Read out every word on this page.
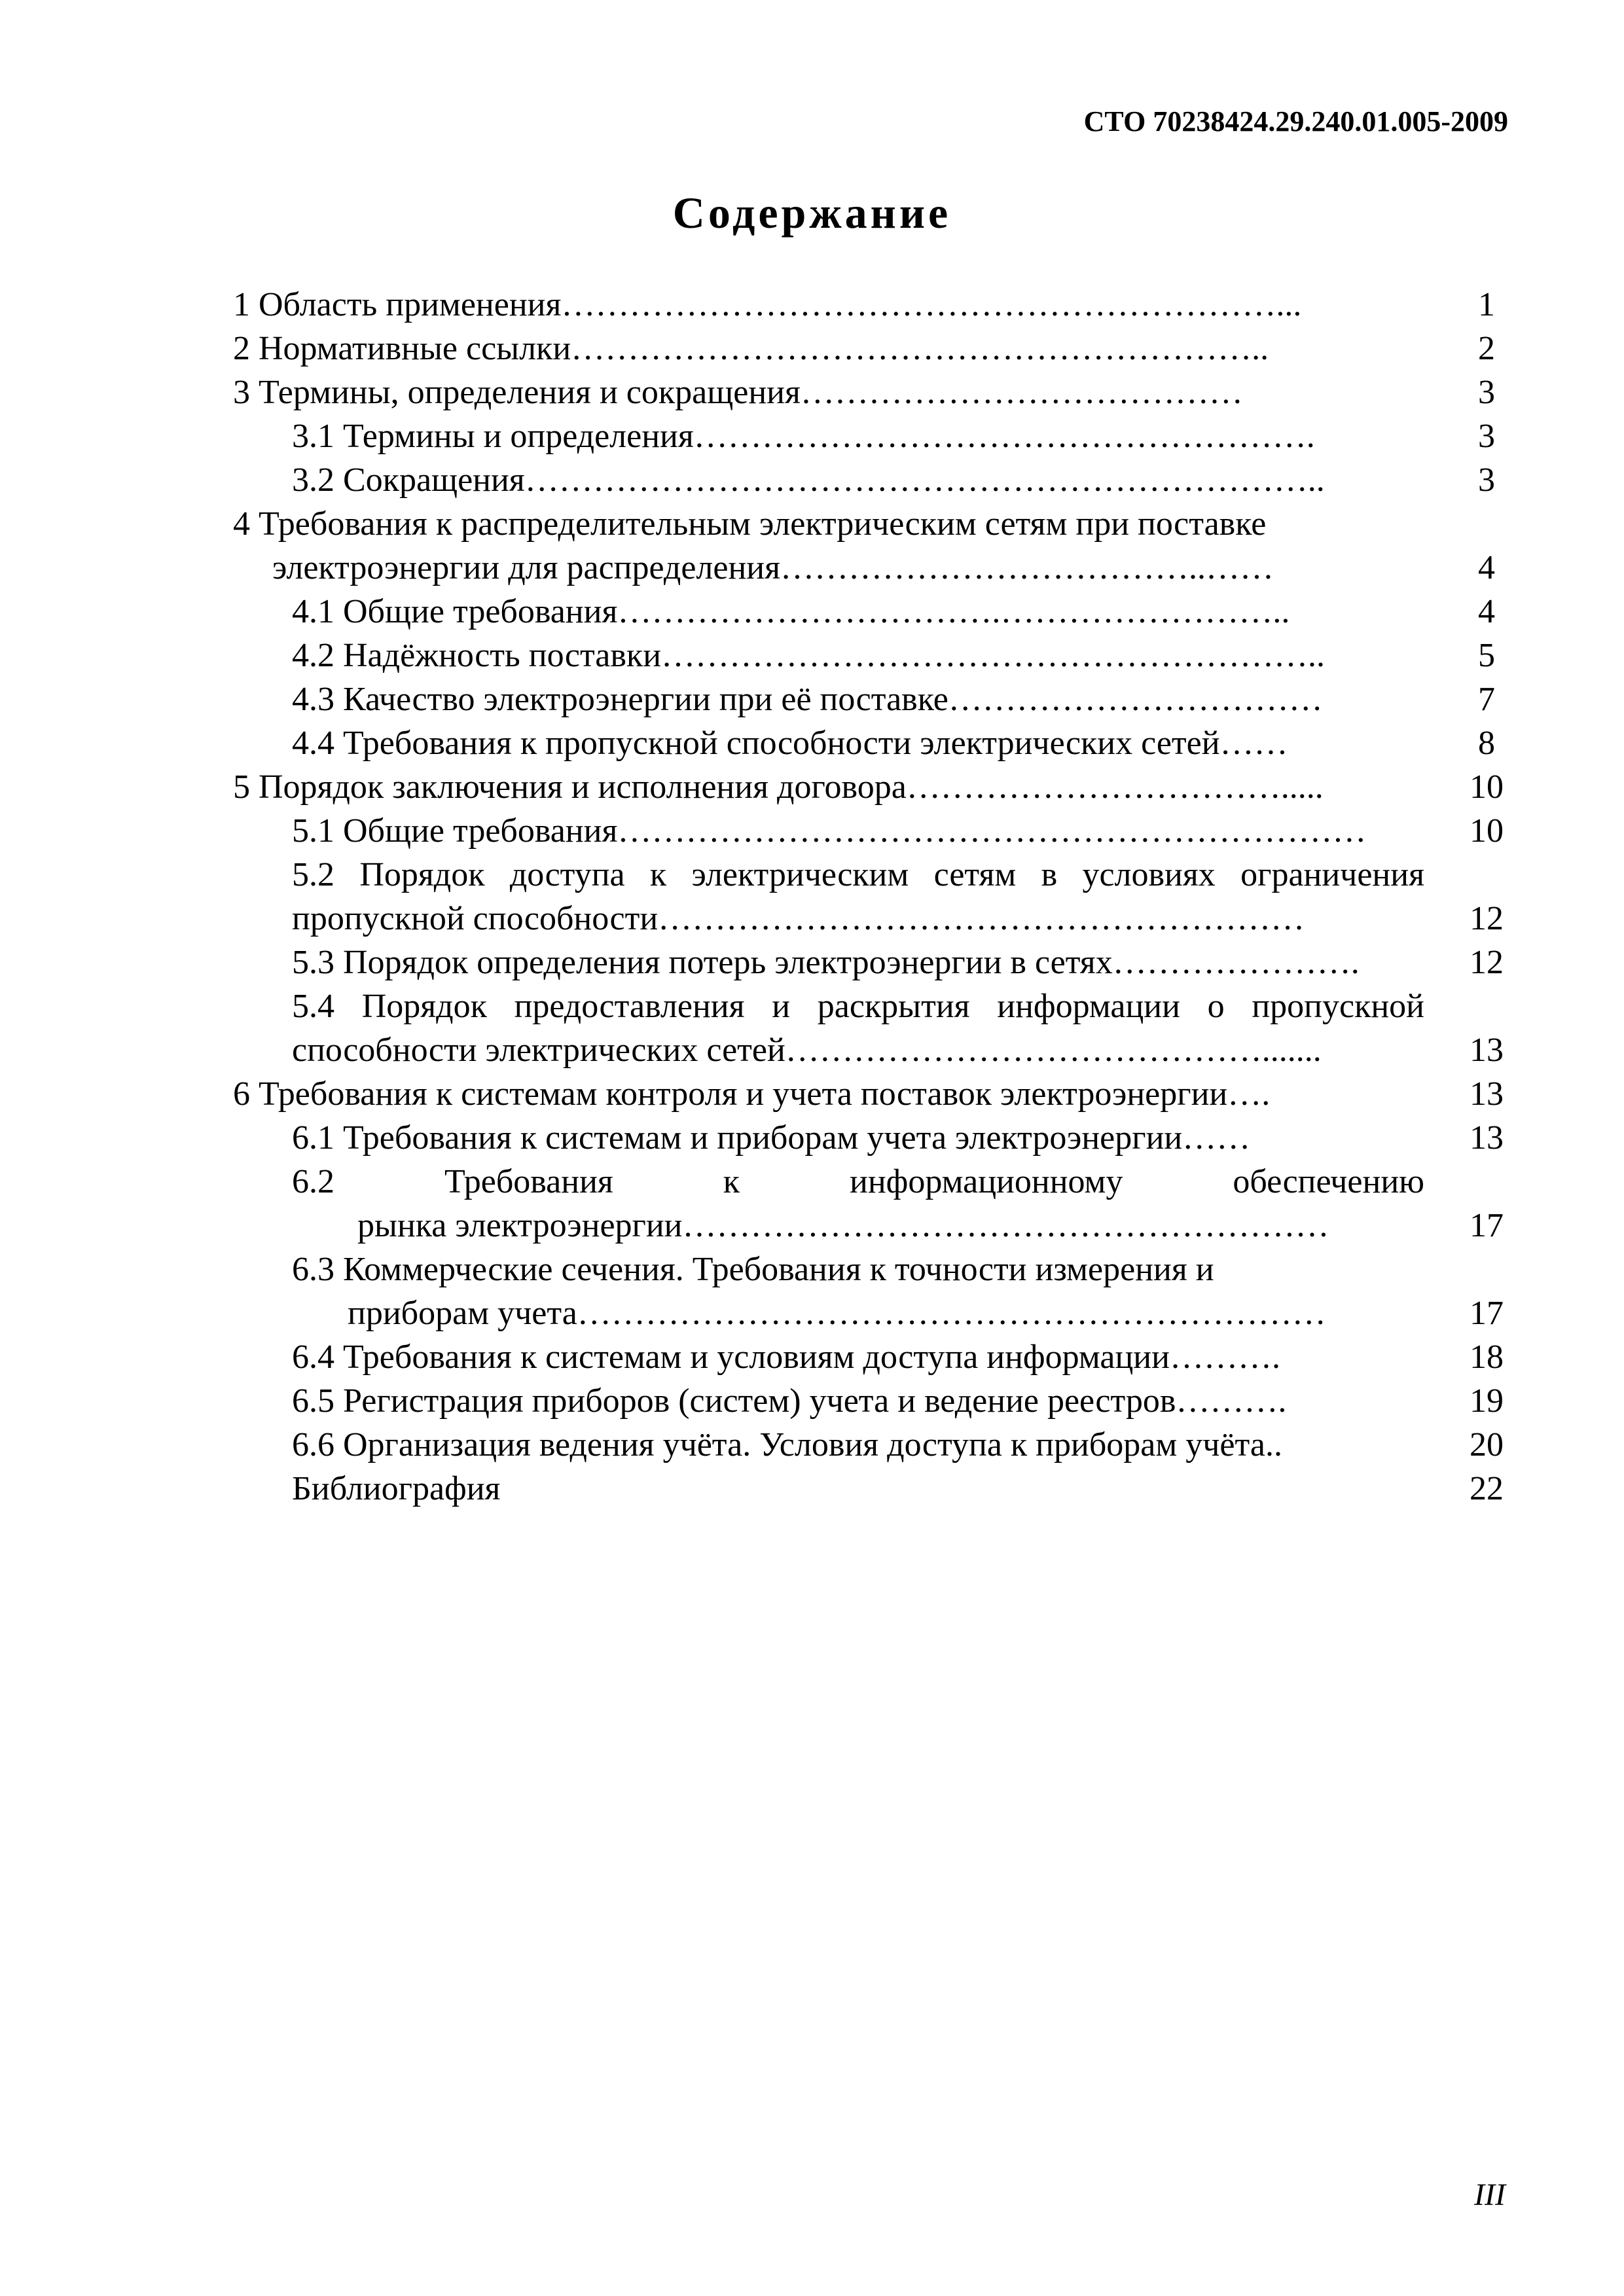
СТО 70238424.29.240.01.005-2009
Содержание
1 Область применения………………………………………………………...	1
2 Нормативные ссылки……………………………………………………..	2
3 Термины, определения и сокращения…………………………………	3
3.1 Термины и определения……………………………………………….	3
3.2 Сокращения……………………………………………………………..	3
4 Требования к распределительным электрическим сетям при поставке
электроэнергии для распределения………………………………..……	4
4.1 Общие требования…………………………….……………………..	4
4.2 Надёжность поставки…………………………………………………..	5
4.3 Качество электроэнергии при её поставке……………………………	7
4.4 Требования к пропускной способности электрических сетей……	8
5 Порядок заключения и исполнения договора…………………………….....	10
5.1 Общие требования…………………………………………………………	10
5.2 Порядок доступа к электрическим сетям в условиях ограничения
пропускной способности…………………………………………………	12
5.3 Порядок определения потерь электроэнергии в сетях………………….	12
5.4 Порядок предоставления и раскрытия информации о пропускной
способности электрических сетей…………………………………….......	13
6 Требования к системам контроля и учета поставок электроэнергии….	13
6.1 Требования к системам и приборам учета электроэнергии……	13
6.2 Требования к информационному обеспечению
рынка электроэнергии…………………………………………………	17
6.3 Коммерческие сечения. Требования к точности измерения и
приборам учета…………………………………………………………	17
6.4 Требования к системам и условиям доступа информации……….	18
6.5 Регистрация приборов (систем) учета и ведение реестров……….	19
6.6 Организация ведения учёта. Условия доступа к приборам учёта..	20
Библиография	22
III
